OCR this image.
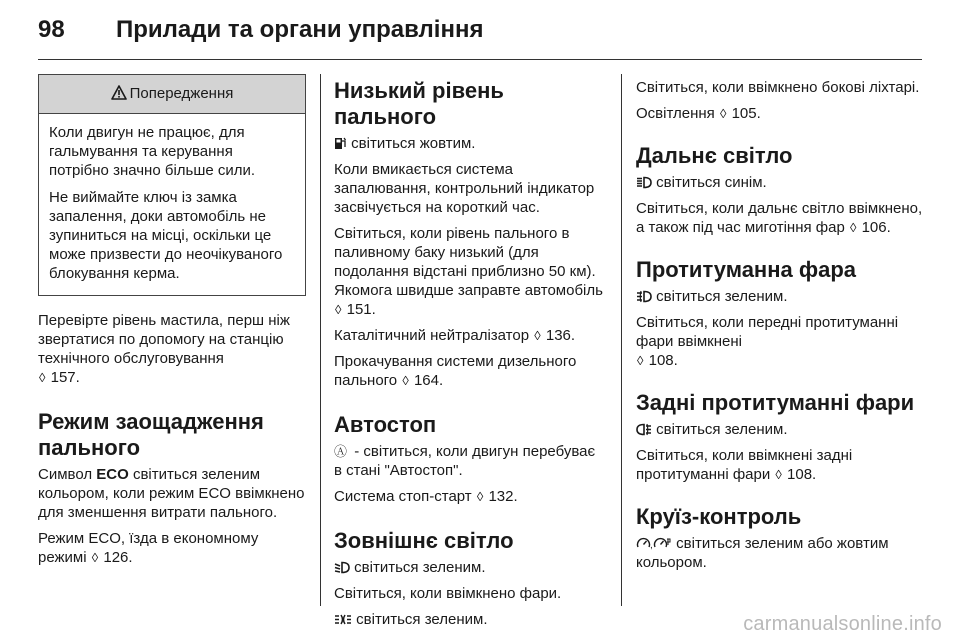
98 Прилади та органи управління
Попередження

Коли двигун не працює, для гальмування та керування потрібно значно більше сили.

Не виймайте ключ із замка запалення, доки автомобіль не зупиниться на місці, оскільки це може призвести до неочікуваного блокування керма.

Перевірте рівень мастила, перш ніж звертатися по допомогу на станцію технічного обслуговування
◊ 157.

Режим заощадження пального

Символ ECO світиться зеленим кольором, коли режим ECO ввімкнено для зменшення витрати пального.

Режим ECO, їзда в економному режимі ◊ 126.

Низький рівень пального

світиться жовтим.

Коли вмикається система запалювання, контрольний індикатор засвічується на короткий час.

Світиться, коли рівень пального в паливному баку низький (для подолання відстані приблизно 50 км). Якомога швидше заправте автомобіль ◊ 151.

Каталітичний нейтралізатор ◊ 136.

Прокачування системи дизельного пального ◊ 164.

Автостоп

Ⓐ - світиться, коли двигун перебуває в стані "Автостоп".

Система стоп-старт ◊ 132.

Зовнішнє світло

світиться зеленим.

Світиться, коли ввімкнено фари.

світиться зеленим.

Світиться, коли ввімкнено бокові ліхтарі.

Освітлення ◊ 105.

Дальнє світло

світиться синім.

Світиться, коли дальнє світло ввімкнено, а також під час миготіння фар ◊ 106.

Протитуманна фара

світиться зеленим.

Світиться, коли передні протитуманні фари ввімкнені
◊ 108.

Задні протитуманні фари

світиться зеленим.

Світиться, коли ввімкнені задні протитуманні фари ◊ 108.

Круїз-контроль

, світиться зеленим або жовтим кольором.

carmanualsonline.info
